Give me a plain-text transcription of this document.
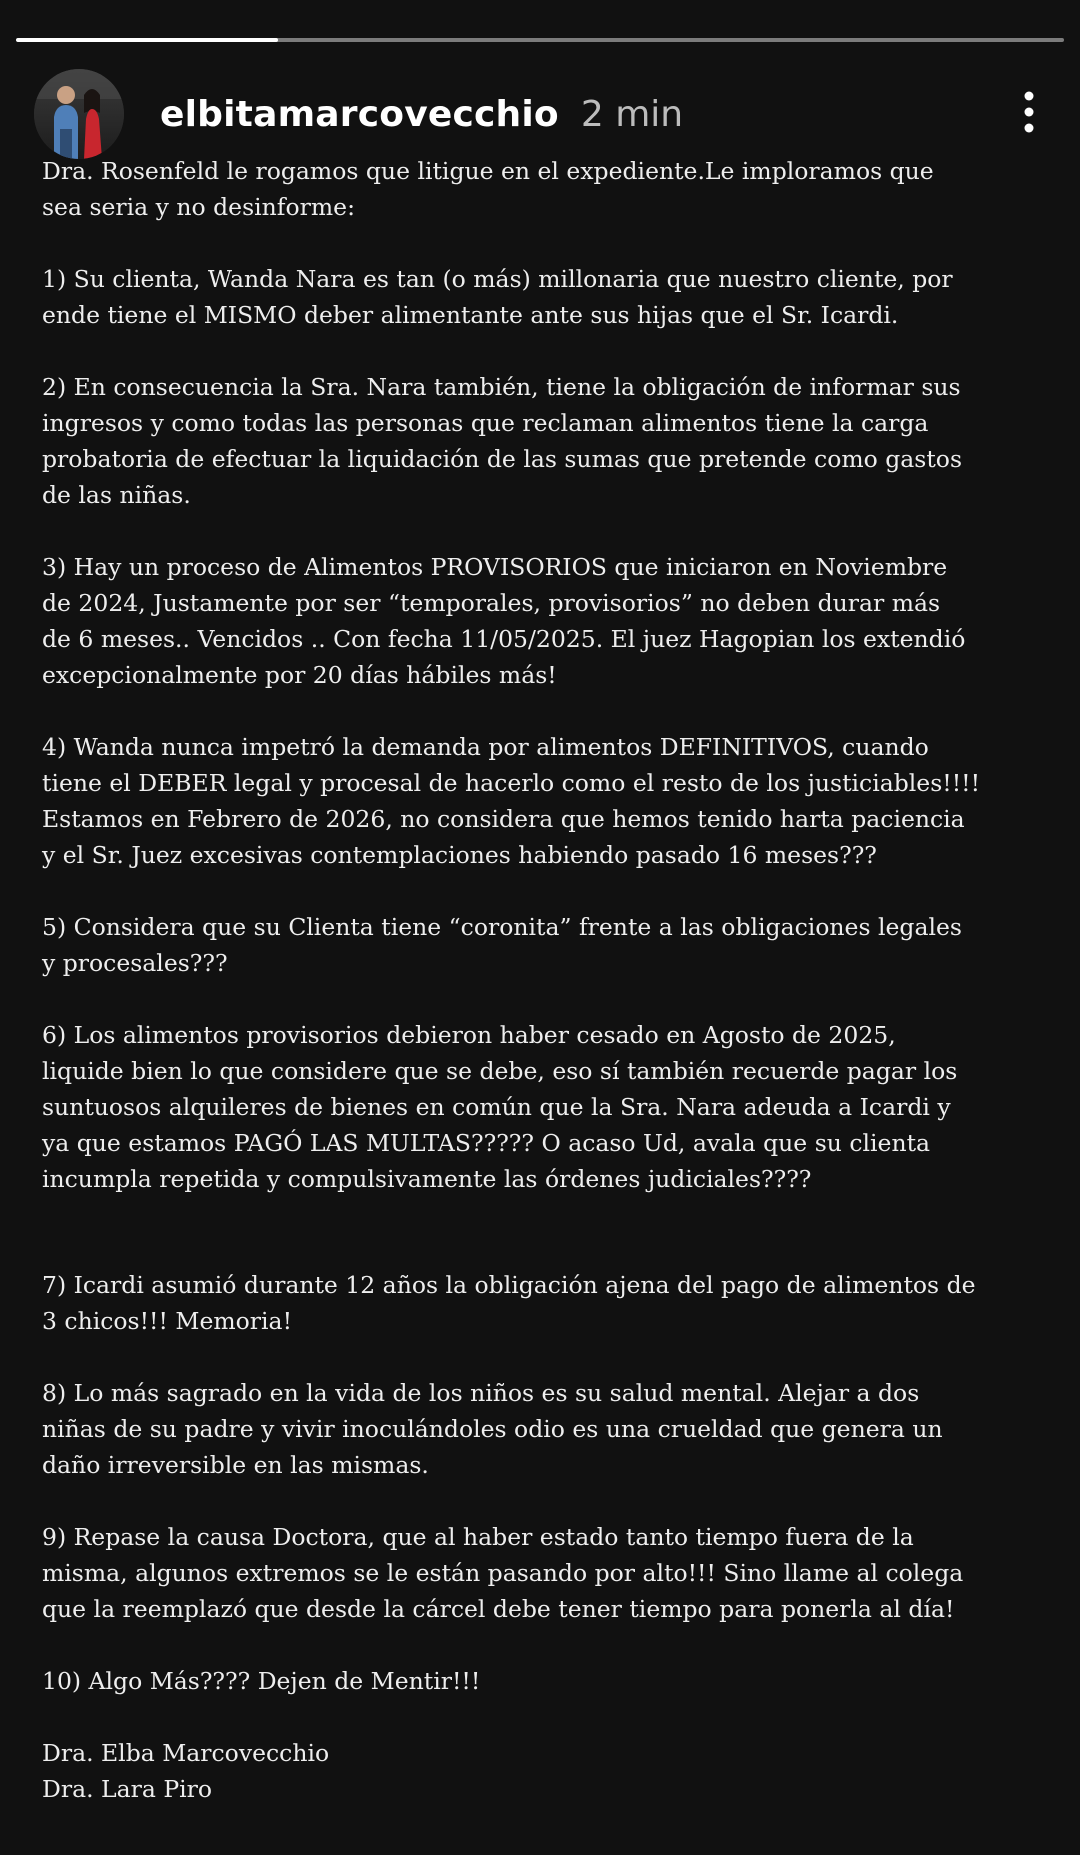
elbitamarcovecchio 2 min

Dra. Rosenfeld le rogamos que litigue en el expediente.Le imploramos que
sea seria y no desinforme:

1) Su clienta, Wanda Nara es tan (o más) millonaria que nuestro cliente, por
ende tiene el MISMO deber alimentante ante sus hijas que el Sr. Icardi.

2) En consecuencia la Sra. Nara también, tiene la obligación de informar sus
ingresos y como todas las personas que reclaman alimentos tiene la carga
probatoria de efectuar la liquidación de las sumas que pretende como gastos
de las niñas.

3) Hay un proceso de Alimentos PROVISORIOS que iniciaron en Noviembre
de 2024, Justamente por ser “temporales, provisorios” no deben durar más
de 6 meses.. Vencidos .. Con fecha 11/05/2025. El juez Hagopian los extendió
excepcionalmente por 20 días hábiles más!

4) Wanda nunca impetró la demanda por alimentos DEFINITIVOS, cuando
tiene el DEBER legal y procesal de hacerlo como el resto de los justiciables!!!!
Estamos en Febrero de 2026, no considera que hemos tenido harta paciencia
y el Sr. Juez excesivas contemplaciones habiendo pasado 16 meses???

5) Considera que su Clienta tiene “coronita” frente a las obligaciones legales
y procesales???

6) Los alimentos provisorios debieron haber cesado en Agosto de 2025,
liquide bien lo que considere que se debe, eso sí también recuerde pagar los
suntuosos alquileres de bienes en común que la Sra. Nara adeuda a Icardi y
ya que estamos PAGÓ LAS MULTAS????? O acaso Ud, avala que su clienta
incumpla repetida y compulsivamente las órdenes judiciales????

7) Icardi asumió durante 12 años la obligación ajena del pago de alimentos de
3 chicos!!! Memoria!

8) Lo más sagrado en la vida de los niños es su salud mental. Alejar a dos
niñas de su padre y vivir inoculándoles odio es una crueldad que genera un
daño irreversible en las mismas.

9) Repase la causa Doctora, que al haber estado tanto tiempo fuera de la
misma, algunos extremos se le están pasando por alto!!! Sino llame al colega
que la reemplazó que desde la cárcel debe tener tiempo para ponerla al día!

10) Algo Más???? Dejen de Mentir!!!

Dra. Elba Marcovecchio
Dra. Lara Piro
